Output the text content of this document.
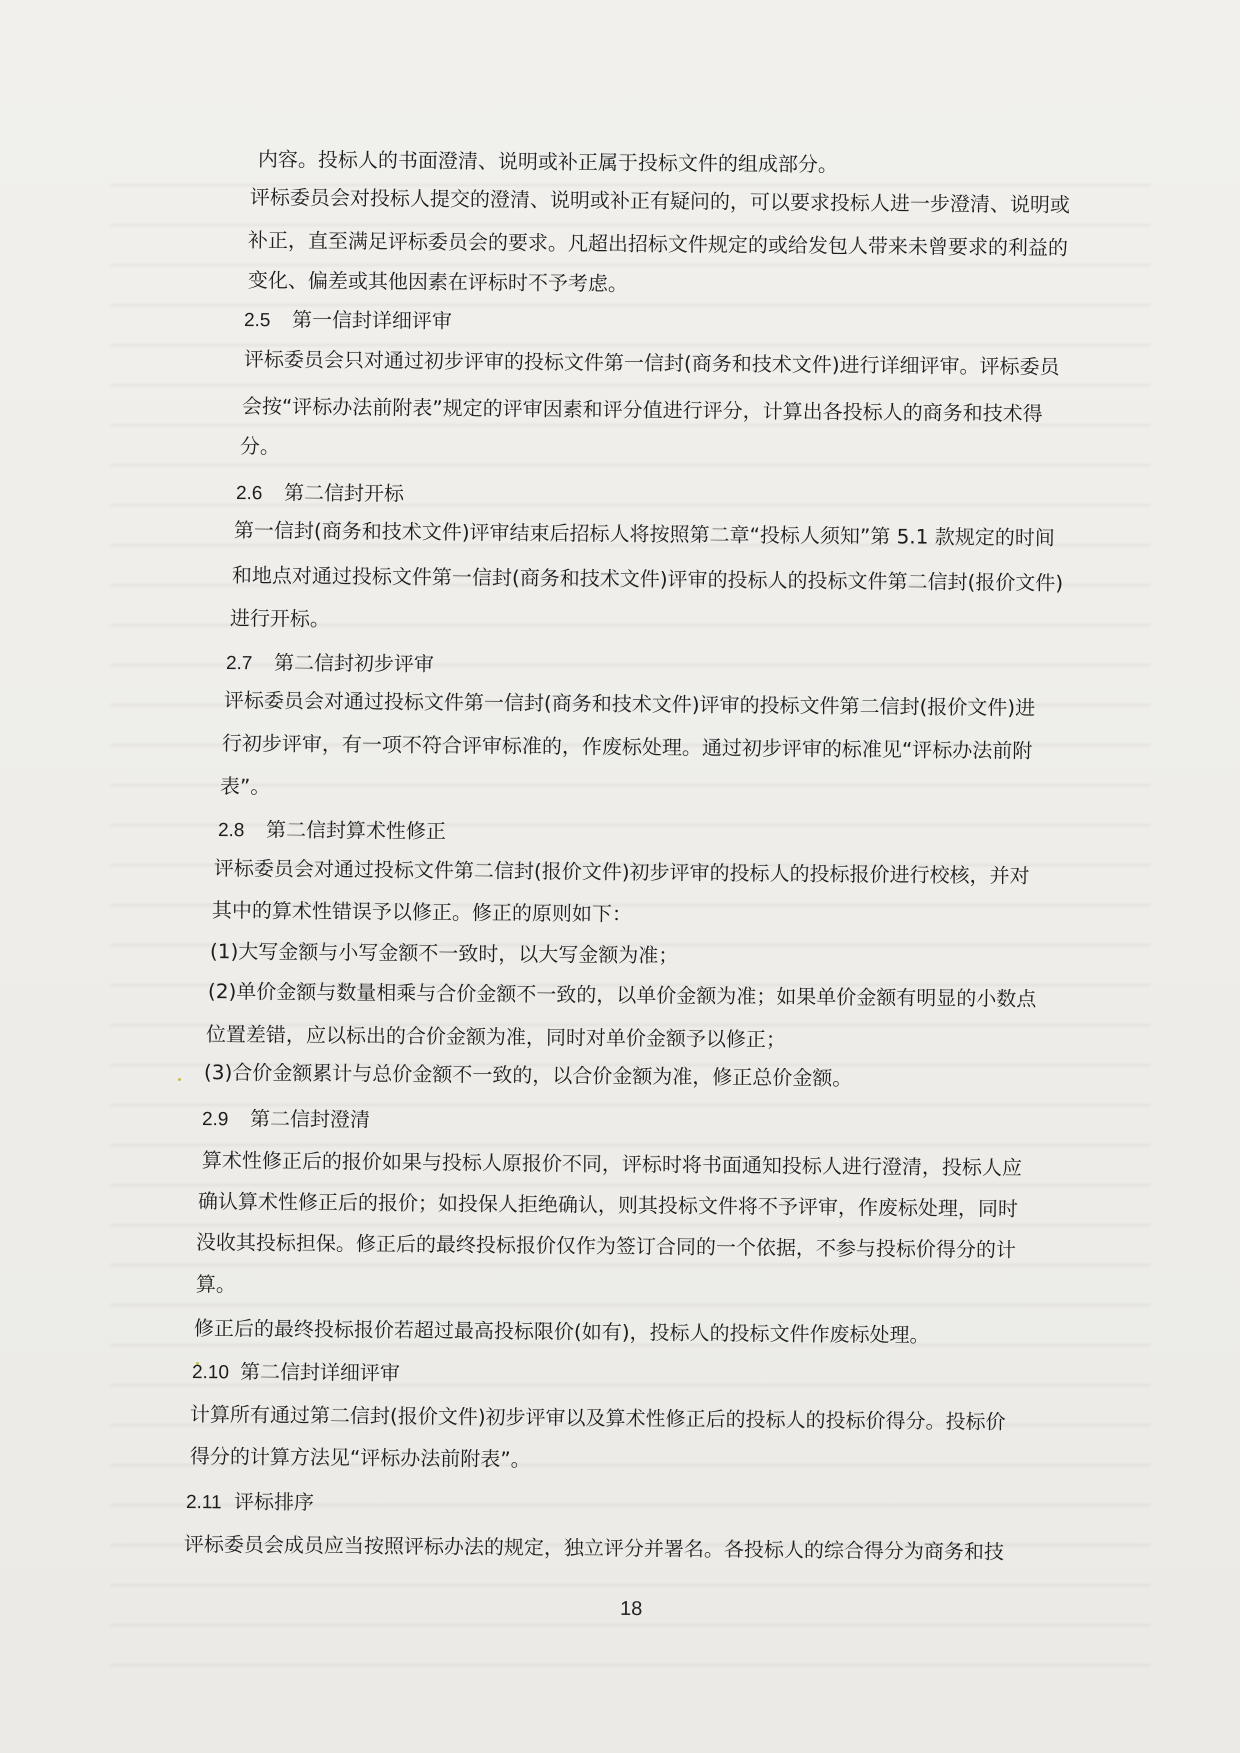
内容。投标人的书面澄清、说明或补正属于投标文件的组成部分。
评标委员会对投标人提交的澄清、说明或补正有疑问的，可以要求投标人进一步澄清、说明或
补正，直至满足评标委员会的要求。凡超出招标文件规定的或给发包人带来未曾要求的利益的
变化、偏差或其他因素在评标时不予考虑。
2.5 第一信封详细评审
评标委员会只对通过初步评审的投标文件第一信封(商务和技术文件)进行详细评审。评标委员
会按“评标办法前附表”规定的评审因素和评分值进行评分，计算出各投标人的商务和技术得
分。
2.6 第二信封开标
第一信封(商务和技术文件)评审结束后招标人将按照第二章“投标人须知”第 5.1 款规定的时间
和地点对通过投标文件第一信封(商务和技术文件)评审的投标人的投标文件第二信封(报价文件)
进行开标。
2.7 第二信封初步评审
评标委员会对通过投标文件第一信封(商务和技术文件)评审的投标文件第二信封(报价文件)进
行初步评审，有一项不符合评审标准的，作废标处理。通过初步评审的标准见“评标办法前附
表”。
2.8 第二信封算术性修正
评标委员会对通过投标文件第二信封(报价文件)初步评审的投标人的投标报价进行校核，并对
其中的算术性错误予以修正。修正的原则如下：
(1)大写金额与小写金额不一致时，以大写金额为准；
(2)单价金额与数量相乘与合价金额不一致的，以单价金额为准；如果单价金额有明显的小数点
位置差错，应以标出的合价金额为准，同时对单价金额予以修正；
(3)合价金额累计与总价金额不一致的，以合价金额为准，修正总价金额。
2.9 第二信封澄清
算术性修正后的报价如果与投标人原报价不同，评标时将书面通知投标人进行澄清，投标人应
确认算术性修正后的报价；如投保人拒绝确认，则其投标文件将不予评审，作废标处理，同时
没收其投标担保。修正后的最终投标报价仅作为签订合同的一个依据，不参与投标价得分的计
算。
修正后的最终投标报价若超过最高投标限价(如有)，投标人的投标文件作废标处理。
2.10 第二信封详细评审
计算所有通过第二信封(报价文件)初步评审以及算术性修正后的投标人的投标价得分。投标价
得分的计算方法见“评标办法前附表”。
2.11 评标排序
评标委员会成员应当按照评标办法的规定，独立评分并署名。各投标人的综合得分为商务和技
18
